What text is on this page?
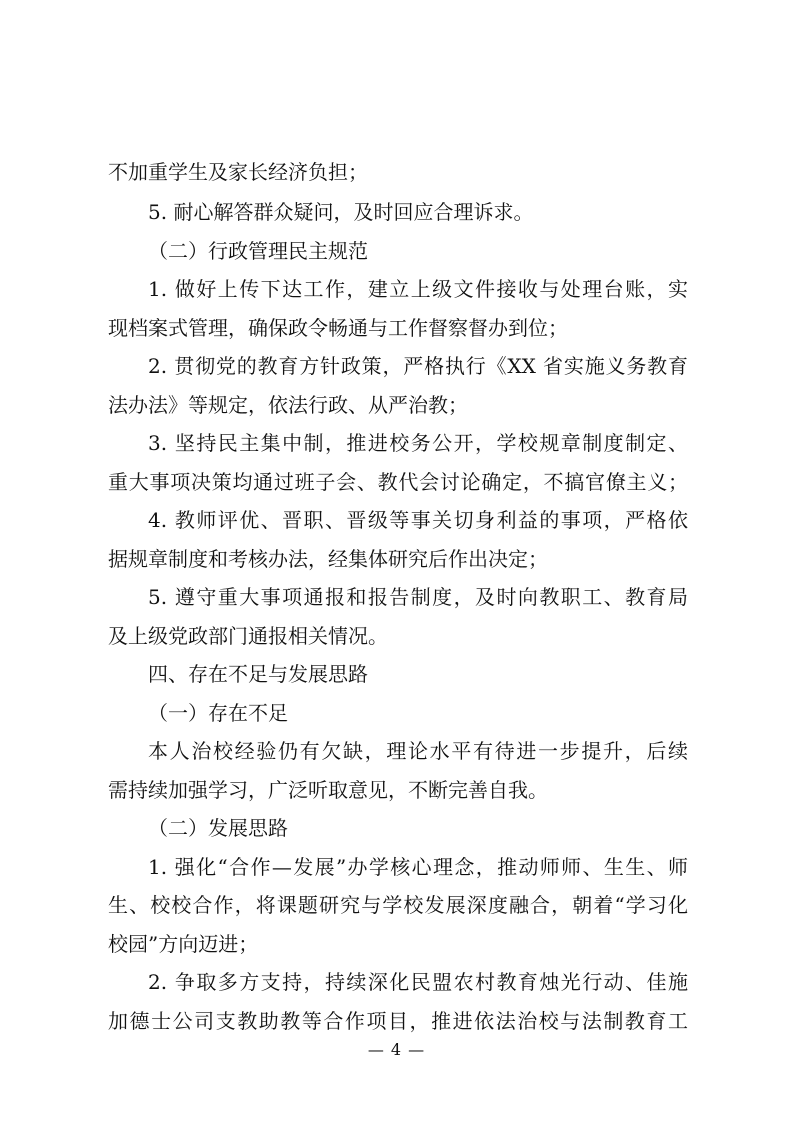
不加重学生及家长经济负担；
5. 耐心解答群众疑问，及时回应合理诉求。
（二）行政管理民主规范
1. 做好上传下达工作，建立上级文件接收与处理台账，实
现档案式管理，确保政令畅通与工作督察督办到位；
2. 贯彻党的教育方针政策，严格执行《XX 省实施义务教育
法办法》等规定，依法行政、从严治教；
3. 坚持民主集中制，推进校务公开，学校规章制度制定、
重大事项决策均通过班子会、教代会讨论确定，不搞官僚主义；
4. 教师评优、晋职、晋级等事关切身利益的事项，严格依
据规章制度和考核办法，经集体研究后作出决定；
5. 遵守重大事项通报和报告制度，及时向教职工、教育局
及上级党政部门通报相关情况。
四、存在不足与发展思路
（一）存在不足
本人治校经验仍有欠缺，理论水平有待进一步提升，后续
需持续加强学习，广泛听取意见，不断完善自我。
（二）发展思路
1. 强化“合作—发展”办学核心理念，推动师师、生生、师
生、校校合作，将课题研究与学校发展深度融合，朝着“学习化
校园”方向迈进；
2. 争取多方支持，持续深化民盟农村教育烛光行动、佳施
加德士公司支教助教等合作项目，推进依法治校与法制教育工
— 4 —
